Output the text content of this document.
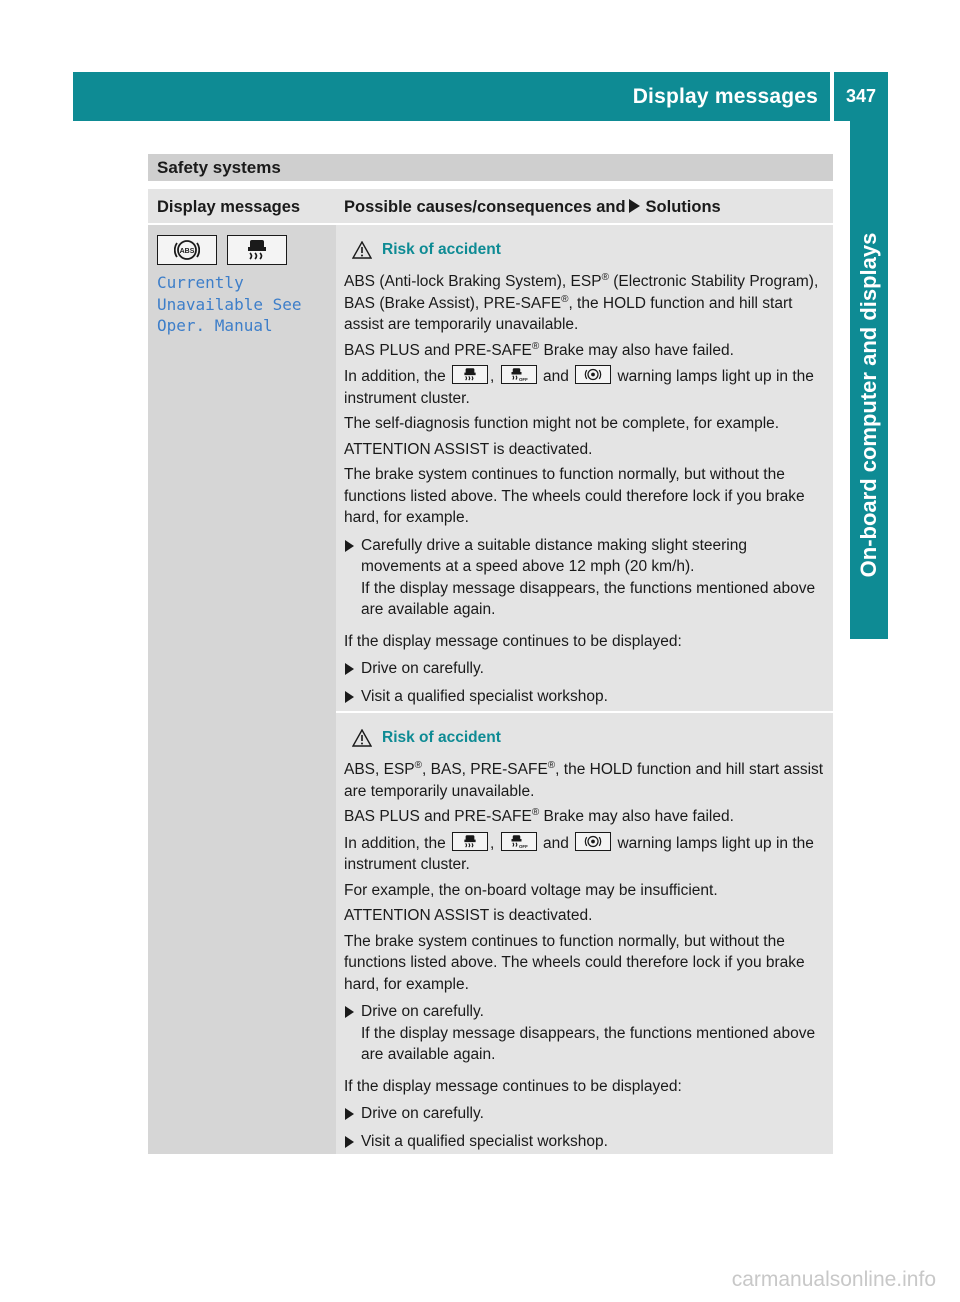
Display messages	347
On-board computer and displays
Safety systems
Display messages	Possible causes/consequences and Solutions
ABS

Currently
Unavailable See
Oper. Manual
Risk of accident
ABS (Anti-lock Braking System), ESP® (Electronic Stability Program), BAS (Brake Assist), PRE-SAFE®, the HOLD function and hill start assist are temporarily unavailable.
BAS PLUS and PRE-SAFE® Brake may also have failed.
In addition, the	,	OFF and	warning lamps light up in the instrument cluster.
The self-diagnosis function might not be complete, for example.
ATTENTION ASSIST is deactivated.
The brake system continues to function normally, but without the functions listed above. The wheels could therefore lock if you brake hard, for example.
Carefully drive a suitable distance making slight steering movements at a speed above 12 mph (20 km/h).
If the display message disappears, the functions mentioned above are available again.
If the display message continues to be displayed:
Drive on carefully.
Visit a qualified specialist workshop.
Risk of accident
ABS, ESP®, BAS, PRE-SAFE®, the HOLD function and hill start assist are temporarily unavailable.
BAS PLUS and PRE-SAFE® Brake may also have failed.
In addition, the	,	OFF and	warning lamps light up in the instrument cluster.
For example, the on-board voltage may be insufficient.
ATTENTION ASSIST is deactivated.
The brake system continues to function normally, but without the functions listed above. The wheels could therefore lock if you brake hard, for example.
Drive on carefully.
If the display message disappears, the functions mentioned above are available again.
If the display message continues to be displayed:
Drive on carefully.
Visit a qualified specialist workshop.
carmanualsonline.info
